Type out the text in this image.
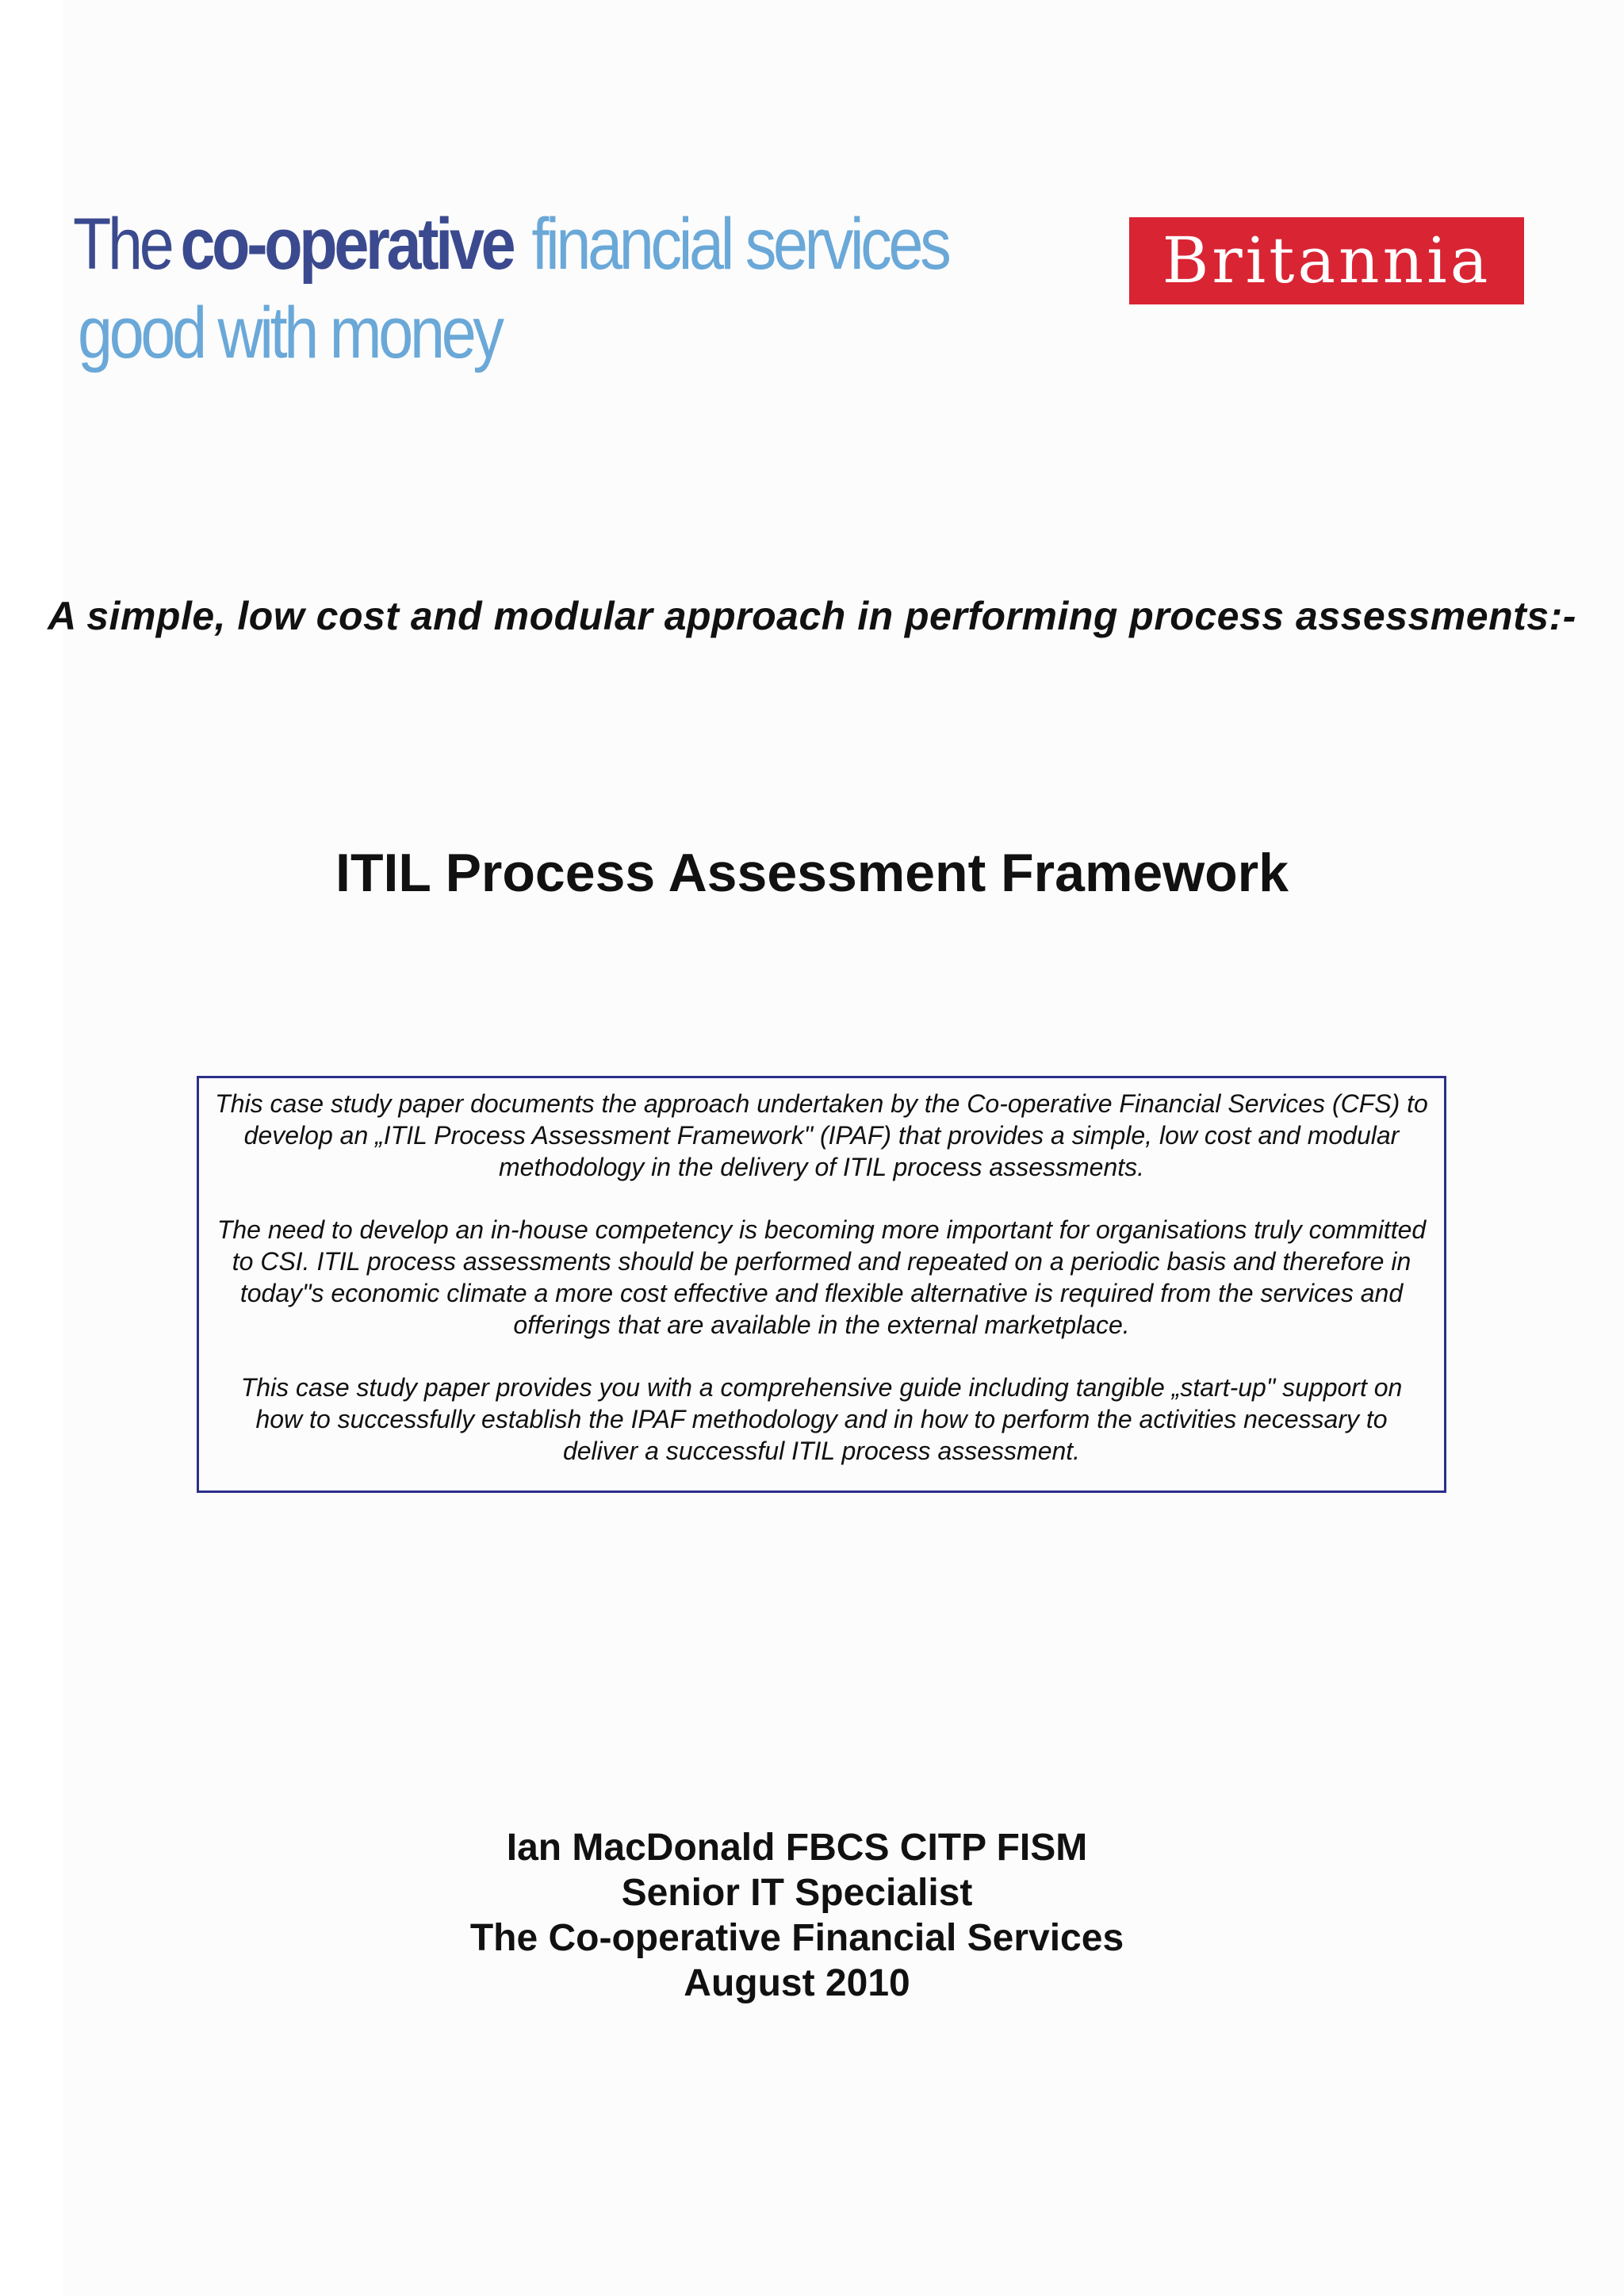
The co-operative financial services
good with money
Britannia
A simple, low cost and modular approach in performing process assessments:-
ITIL Process Assessment Framework

This case study paper documents the approach undertaken by the Co-operative Financial Services (CFS) to develop an „ITIL Process Assessment Framework" (IPAF) that provides a simple, low cost and modular methodology in the delivery of ITIL process assessments.

The need to develop an in-house competency is becoming more important for organisations truly committed to CSI. ITIL process assessments should be performed and repeated on a periodic basis and therefore in today"s economic climate a more cost effective and flexible alternative is required from the services and offerings that are available in the external marketplace.

This case study paper provides you with a comprehensive guide including tangible „start-up" support on how to successfully establish the IPAF methodology and in how to perform the activities necessary to deliver a successful ITIL process assessment.

Ian MacDonald FBCS CITP FISM
Senior IT Specialist
The Co-operative Financial Services
August 2010
